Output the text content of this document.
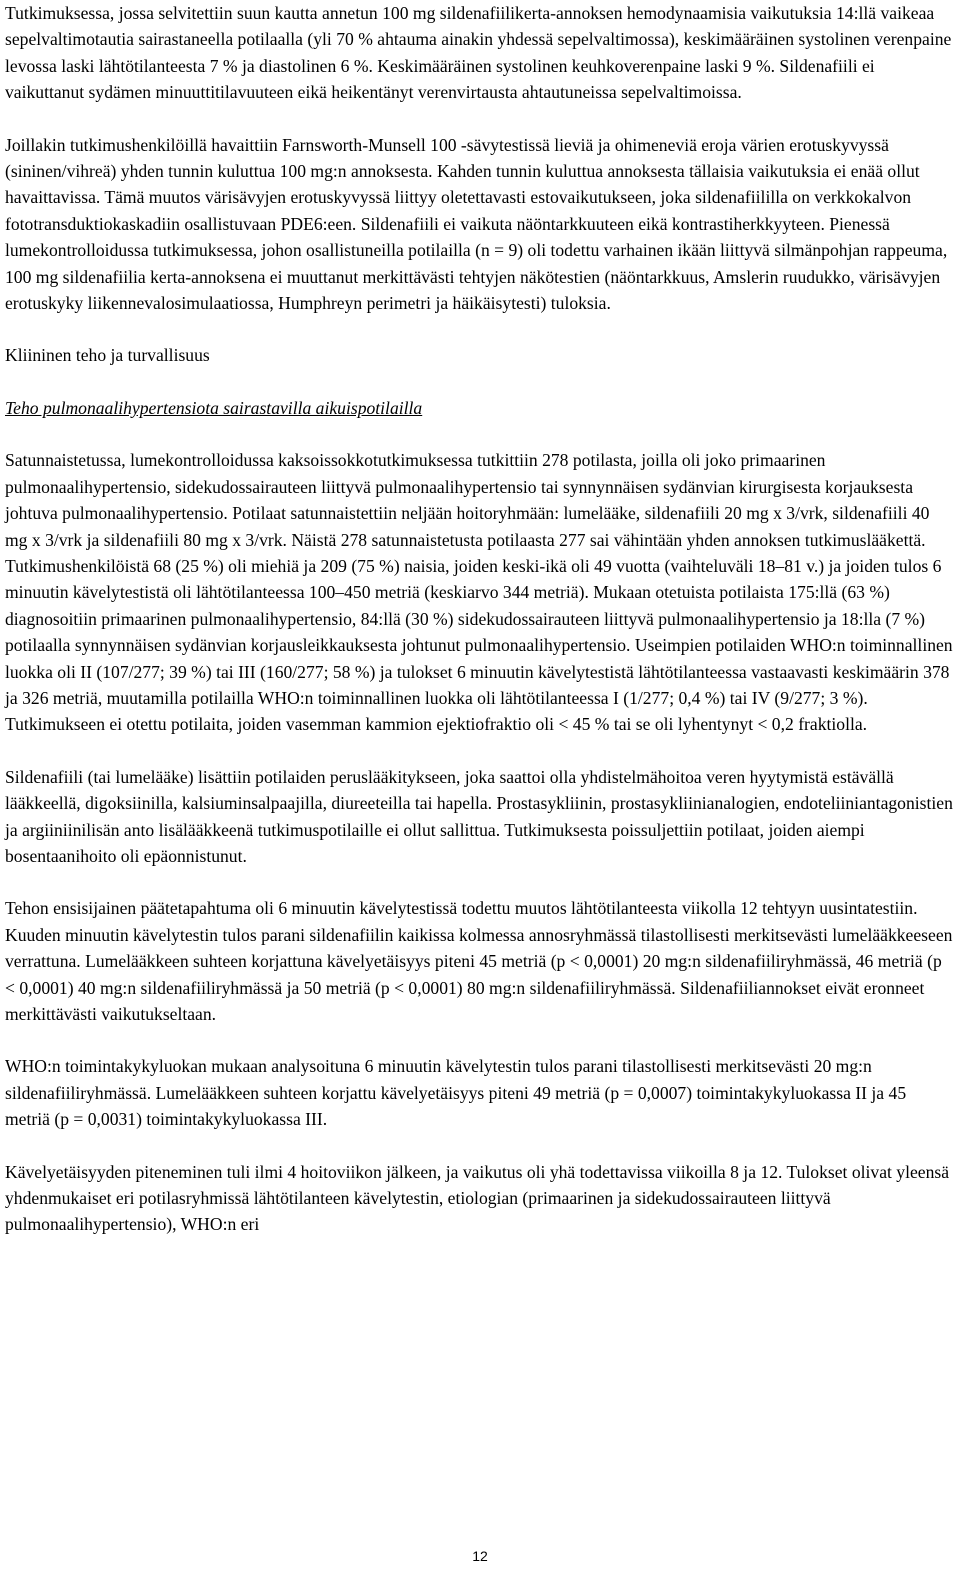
Tutkimuksessa, jossa selvitettiin suun kautta annetun 100 mg sildenafiilikerta-annoksen hemodynaamisia vaikutuksia 14:llä vaikeaa sepelvaltimotautia sairastaneella potilaalla (yli 70 % ahtauma ainakin yhdessä sepelvaltimossa), keskimääräinen systolinen verenpaine levossa laski lähtötilanteesta 7 % ja diastolinen 6 %. Keskimääräinen systolinen keuhkoverenpaine laski 9 %. Sildenafiili ei vaikuttanut sydämen minuuttitilavuuteen eikä heikentänyt verenvirtausta ahtautuneissa sepelvaltimoissa.

Joillakin tutkimushenkilöillä havaittiin Farnsworth-Munsell 100 -sävytestissä lieviä ja ohimeneviä eroja värien erotuskyvyssä (sininen/vihreä) yhden tunnin kuluttua 100 mg:n annoksesta. Kahden tunnin kuluttua annoksesta tällaisia vaikutuksia ei enää ollut havaittavissa. Tämä muutos värisävyjen erotuskyvyssä liittyy oletettavasti estovaikutukseen, joka sildenafiililla on verkkokalvon fototransduktiokaskadiin osallistuvaan PDE6:een. Sildenafiili ei vaikuta näöntarkkuuteen eikä kontrastiherkkyyteen. Pienessä lumekontrolloidussa tutkimuksessa, johon osallistuneilla potilailla (n = 9) oli todettu varhainen ikään liittyvä silmänpohjan rappeuma, 100 mg sildenafiilia kerta-annoksena ei muuttanut merkittävästi tehtyjen näkötestien (näöntarkkuus, Amslerin ruudukko, värisävyjen erotuskyky liikennevalosimulaatiossa, Humphreyn perimetri ja häikäisytesti) tuloksia.

Kliininen teho ja turvallisuus

Teho pulmonaalihypertensiota sairastavilla aikuispotilailla

Satunnaistetussa, lumekontrolloidussa kaksoissokkotutkimuksessa tutkittiin 278 potilasta, joilla oli joko primaarinen pulmonaalihypertensio, sidekudossairauteen liittyvä pulmonaalihypertensio tai synnynnäisen sydänvian kirurgisesta korjauksesta johtuva pulmonaalihypertensio. Potilaat satunnaistettiin neljään hoitoryhmään: lumelääke, sildenafiili 20 mg x 3/vrk, sildenafiili 40 mg x 3/vrk ja sildenafiili 80 mg x 3/vrk. Näistä 278 satunnaistetusta potilaasta 277 sai vähintään yhden annoksen tutkimuslääkettä. Tutkimushenkilöistä 68 (25 %) oli miehiä ja 209 (75 %) naisia, joiden keski-ikä oli 49 vuotta (vaihteluväli 18–81 v.) ja joiden tulos 6 minuutin kävelytestistä oli lähtötilanteessa 100–450 metriä (keskiarvo 344 metriä). Mukaan otetuista potilaista 175:llä (63 %) diagnosoitiin primaarinen pulmonaalihypertensio, 84:llä (30 %) sidekudossairauteen liittyvä pulmonaalihypertensio ja 18:lla (7 %) potilaalla synnynnäisen sydänvian korjausleikkauksesta johtunut pulmonaalihypertensio. Useimpien potilaiden WHO:n toiminnallinen luokka oli II (107/277; 39 %) tai III (160/277; 58 %) ja tulokset 6 minuutin kävelytestistä lähtötilanteessa vastaavasti keskimäärin 378 ja 326 metriä, muutamilla potilailla WHO:n toiminnallinen luokka oli lähtötilanteessa I (1/277; 0,4 %) tai IV (9/277; 3 %). Tutkimukseen ei otettu potilaita, joiden vasemman kammion ejektiofraktio oli < 45 % tai se oli lyhentynyt < 0,2 fraktiolla.

Sildenafiili (tai lumelääke) lisättiin potilaiden peruslääkitykseen, joka saattoi olla yhdistelmähoitoa veren hyytymistä estävällä lääkkeellä, digoksiinilla, kalsiuminsalpaajilla, diureeteilla tai hapella. Prostasykliinin, prostasykliinianalogien, endoteliiniantagonistien ja argiiniinilisän anto lisälääkkeenä tutkimuspotilaille ei ollut sallittua. Tutkimuksesta poissuljettiin potilaat, joiden aiempi bosentaanihoito oli epäonnistunut.

Tehon ensisijainen päätetapahtuma oli 6 minuutin kävelytestissä todettu muutos lähtötilanteesta viikolla 12 tehtyyn uusintatestiin. Kuuden minuutin kävelytestin tulos parani sildenafiilin kaikissa kolmessa annosryhmässä tilastollisesti merkitsevästi lumelääkkeeseen verrattuna. Lumelääkkeen suhteen korjattuna kävelyetäisyys piteni 45 metriä (p < 0,0001) 20 mg:n sildenafiiliryhmässä, 46 metriä (p < 0,0001) 40 mg:n sildenafiiliryhmässä ja 50 metriä (p < 0,0001) 80 mg:n sildenafiiliryhmässä. Sildenafiiliannokset eivät eronneet merkittävästi vaikutukseltaan.

WHO:n toimintakykyluokan mukaan analysoituna 6 minuutin kävelytestin tulos parani tilastollisesti merkitsevästi 20 mg:n sildenafiiliryhmässä. Lumelääkkeen suhteen korjattu kävelyetäisyys piteni 49 metriä (p = 0,0007) toimintakykyluokassa II ja 45 metriä (p = 0,0031) toimintakykyluokassa III.

Kävelyetäisyyden piteneminen tuli ilmi 4 hoitoviikon jälkeen, ja vaikutus oli yhä todettavissa viikoilla 8 ja 12. Tulokset olivat yleensä yhdenmukaiset eri potilasryhmissä lähtötilanteen kävelytestin, etiologian (primaarinen ja sidekudossairauteen liittyvä pulmonaalihypertensio), WHO:n eri

12
